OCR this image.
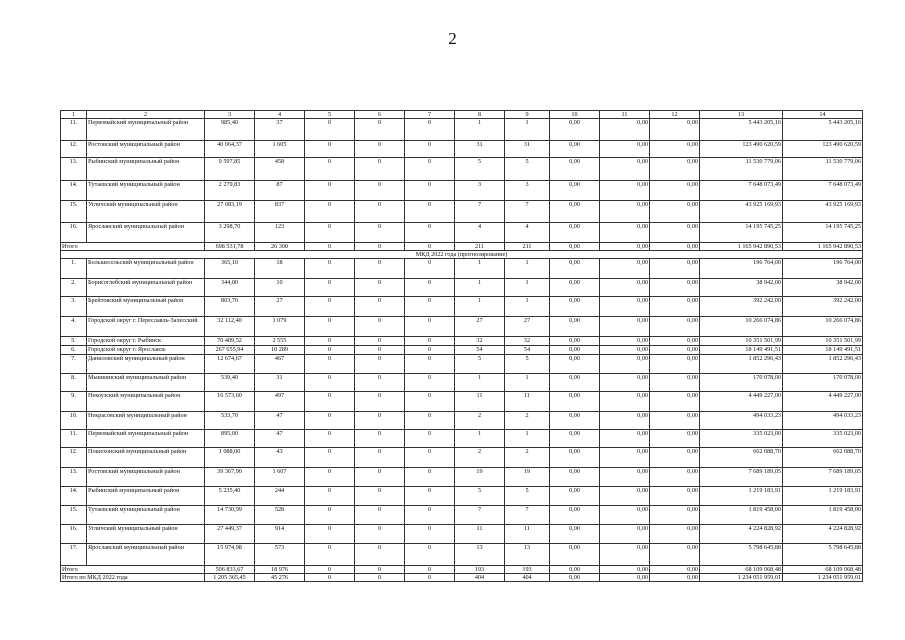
2
1	2	3	4	5	6	7	8	9	10	11	12	13	14
11.	Первомайский муниципальный район	985,40	37	0	0	0	1	1	0,00	0,00	0,00	5 443 205,16	5 443 205,16
12.	Ростовский муниципальный район	40 064,37	1 605	0	0	0	31	31	0,00	0,00	0,00	123 490 620,59	123 490 620,59
13.	Рыбинский муниципальный район	9 597,85	458	0	0	0	5	5	0,00	0,00	0,00	11 530 779,06	11 530 779,06
14.	Тутаевский муниципальный район	2 279,83	87	0	0	0	3	3	0,00	0,00	0,00	7 648 073,49	7 648 073,49
15.	Угличский муниципальный район	27 083,19	837	0	0	0	7	7	0,00	0,00	0,00	43 925 169,93	43 925 169,93
16.	Ярославский муниципальный район	3 298,70	123	0	0	0	4	4	0,00	0,00	0,00	14 195 745,25	14 195 745,25
Итого		698 531,78	26 300	0	0	0	211	211	0,00	0,00	0,00	1 165 942 890,53	1 165 942 890,53
МКД 2022 года (прогнозирование)													
1.	Большесельский муниципальный район	365,10	18	0	0	0	1	1	0,00	0,00	0,00	196 764,00	196 764,00
2.	Борисоглебский муниципальный район	344,00	10	0	0	0	1	1	0,00	0,00	0,00	38 942,00	38 942,00
3.	Брейтовский муниципальный район	803,70	27	0	0	0	1	1	0,00	0,00	0,00	392 242,00	392 242,00
4.	Городской округ г. Переславль-Залесский	32 112,40	1 079	0	0	0	27	27	0,00	0,00	0,00	10 266 074,86	10 266 074,86
5.	Городской округ г. Рыбинск	70 489,52	2 555	0	0	0	32	32	0,00	0,00	0,00	10 351 501,99	10 351 501,99
6.	Городской округ г. Ярославль	267 655,94	10 289	0	0	0	54	54	0,00	0,00	0,00	18 149 491,51	18 149 491,51
7.	Даниловский муниципальный район	12 674,67	467	0	0	0	5	5	0,00	0,00	0,00	1 852 296,43	1 852 296,43
8.	Мышкинский муниципальный район	539,40	31	0	0	0	1	1	0,00	0,00	0,00	170 078,00	170 078,00
9.	Некоузский муниципальный район	16 573,60	497	0	0	0	11	11	0,00	0,00	0,00	4 449 227,00	4 449 227,00
10.	Некрасовский муниципальный район	533,70	47	0	0	0	2	2	0,00	0,00	0,00	494 033,23	494 033,23
11.	Первомайский муниципальный район	895,00	47	0	0	0	1	1	0,00	0,00	0,00	335 023,00	335 023,00
12.	Пошехонский муниципальный район	1 088,00	43	0	0	0	2	2	0,00	0,00	0,00	662 088,70	662 088,70
13.	Ростовский муниципальный район	39 367,90	1 607	0	0	0	19	19	0,00	0,00	0,00	7 689 189,05	7 689 189,05
14.	Рыбинский муниципальный район	5 235,40	244	0	0	0	5	5	0,00	0,00	0,00	1 219 183,91	1 219 183,91
15.	Тутаевский муниципальный район	14 730,99	528	0	0	0	7	7	0,00	0,00	0,00	1 819 458,00	1 819 458,00
16.	Угличский муниципальный район	27 449,37	914	0	0	0	11	11	0,00	0,00	0,00	4 224 828,92	4 224 828,92
17.	Ярославский муниципальный район	15 974,98	573	0	0	0	13	13	0,00	0,00	0,00	5 798 645,88	5 798 645,88
Итого		506 833,67	18 976	0	0	0	193	193	0,00	0,00	0,00	68 109 068,48	68 109 068,48
Итого по МКД 2022 года		1 205 365,45	45 276	0	0	0	404	404	0,00	0,00	0,00	1 234 051 959,01	1 234 051 959,01
